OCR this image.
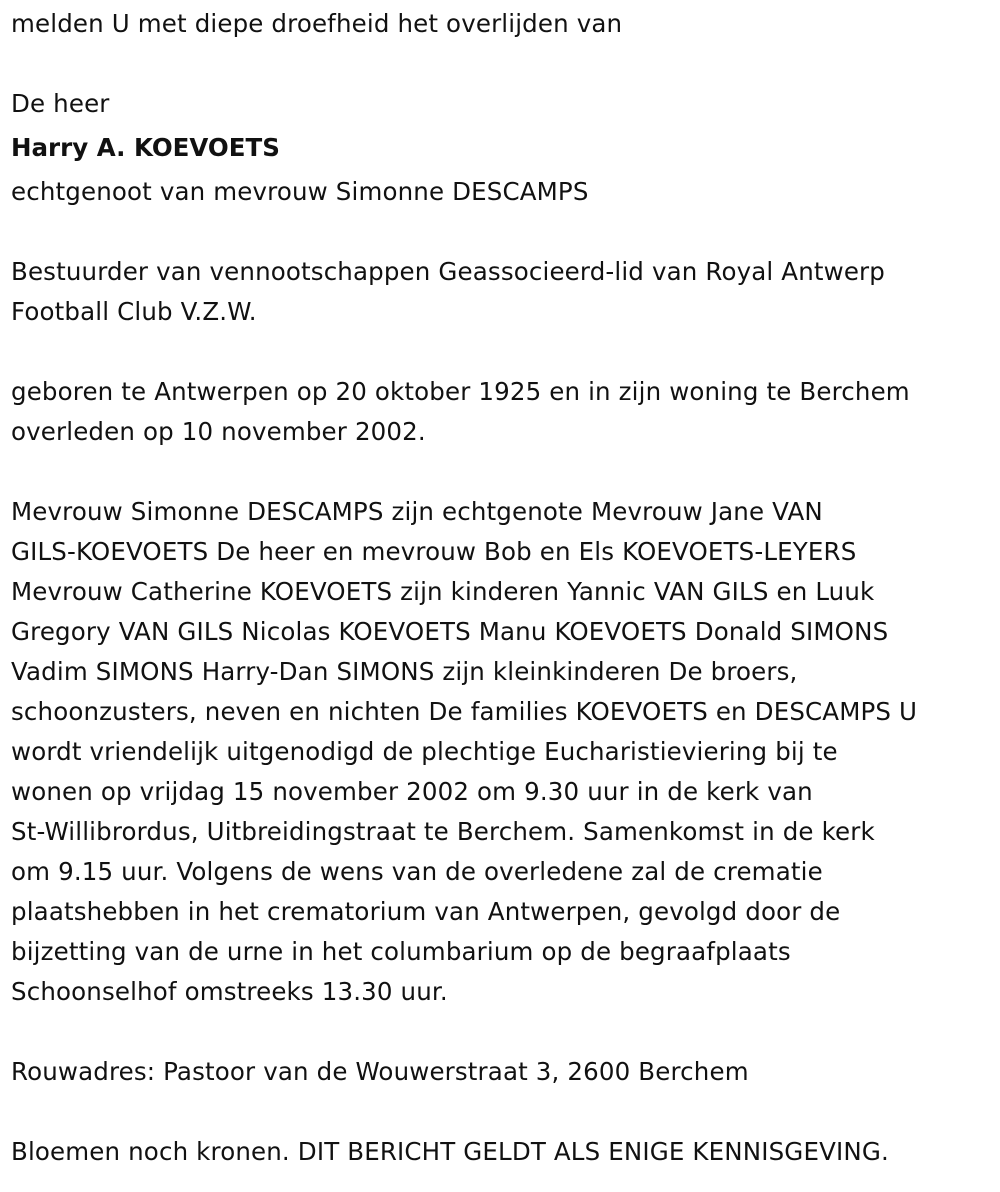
melden U met diepe droefheid het overlijden van
De heer
Harry A. KOEVOETS
echtgenoot van mevrouw Simonne DESCAMPS
Bestuurder van vennootschappen Geassocieerd-lid van Royal Antwerp
Football Club V.Z.W.
geboren te Antwerpen op 20 oktober 1925 en in zijn woning te Berchem
overleden op 10 november 2002.
Mevrouw Simonne DESCAMPS zijn echtgenote Mevrouw Jane VAN
GILS-KOEVOETS De heer en mevrouw Bob en Els KOEVOETS-LEYERS
Mevrouw Catherine KOEVOETS zijn kinderen Yannic VAN GILS en Luuk
Gregory VAN GILS Nicolas KOEVOETS Manu KOEVOETS Donald SIMONS
Vadim SIMONS Harry-Dan SIMONS zijn kleinkinderen De broers,
schoonzusters, neven en nichten De families KOEVOETS en DESCAMPS U
wordt vriendelijk uitgenodigd de plechtige Eucharistieviering bij te
wonen op vrijdag 15 november 2002 om 9.30 uur in de kerk van
St-Willibrordus, Uitbreidingstraat te Berchem. Samenkomst in de kerk
om 9.15 uur. Volgens de wens van de overledene zal de crematie
plaatshebben in het crematorium van Antwerpen, gevolgd door de
bijzetting van de urne in het columbarium op de begraafplaats
Schoonselhof omstreeks 13.30 uur.
Rouwadres: Pastoor van de Wouwerstraat 3, 2600 Berchem
Bloemen noch kronen. DIT BERICHT GELDT ALS ENIGE KENNISGEVING.
